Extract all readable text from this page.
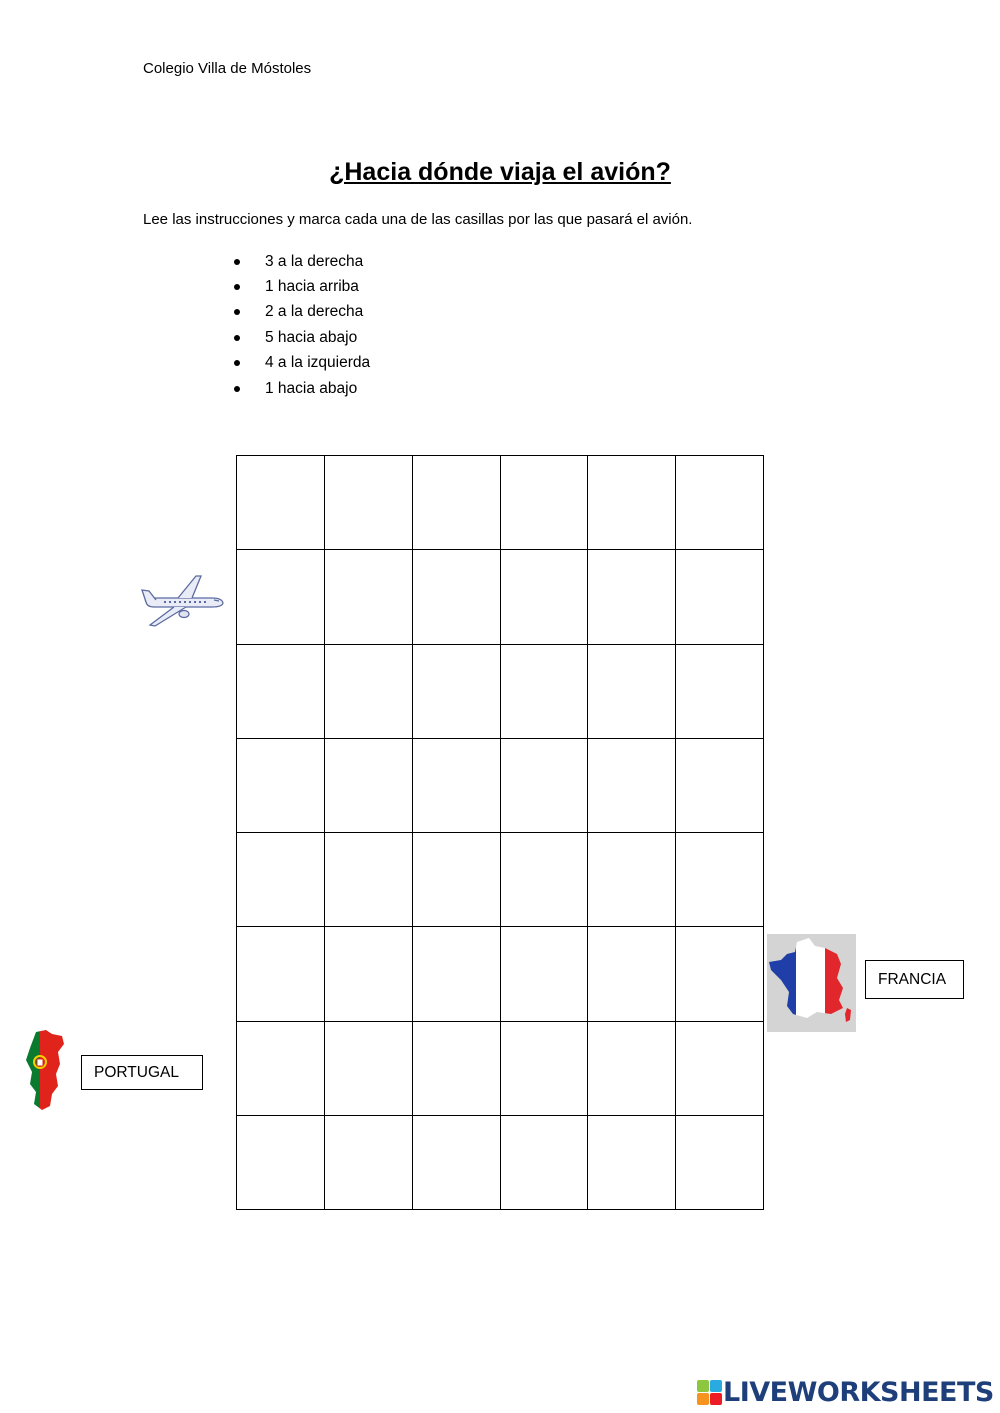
Colegio Villa de Móstoles
¿Hacia dónde viaja el avión?
Lee las instrucciones y marca cada una de las casillas por las que pasará el avión.
3 a la derecha
1 hacia arriba
2 a la derecha
5 hacia abajo
4 a la izquierda
1 hacia abajo
PORTUGAL
FRANCIA
LIVEWORKSHEETS
